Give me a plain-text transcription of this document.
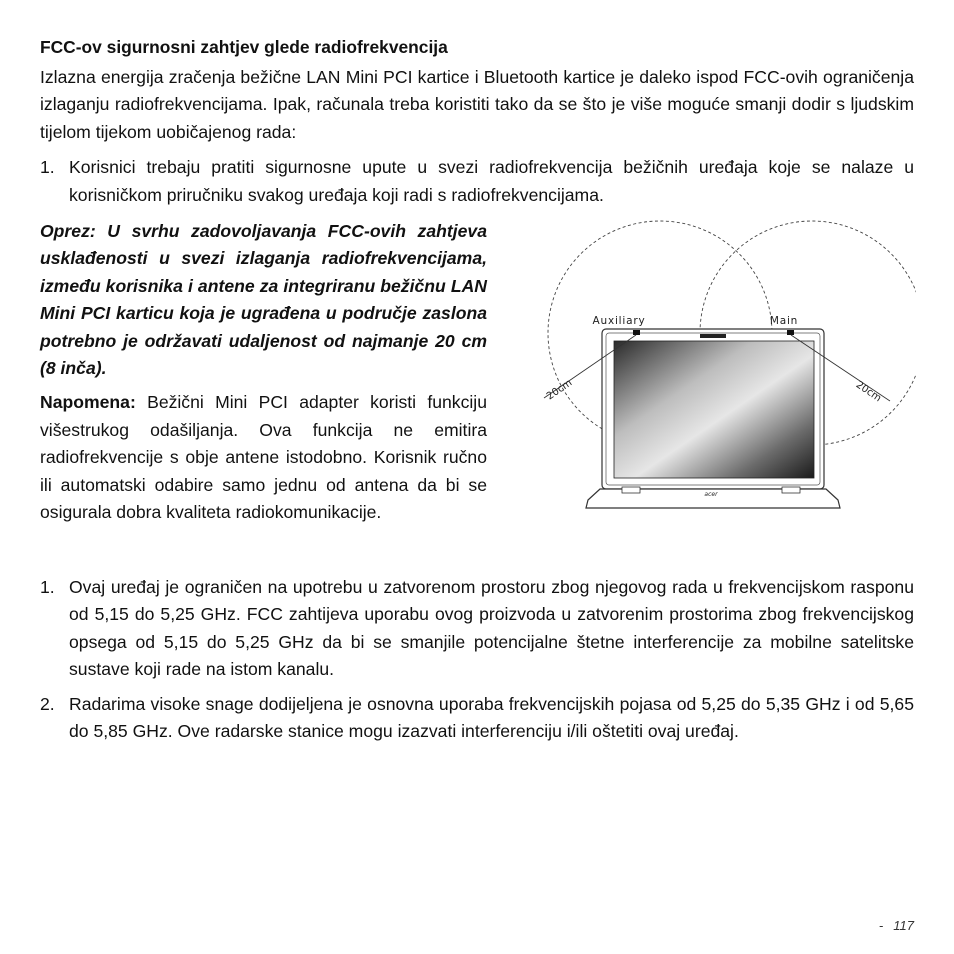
FCC-ov sigurnosni zahtjev glede radiofrekvencija

Izlazna energija zračenja bežične LAN Mini PCI kartice i Bluetooth kartice je daleko ispod FCC-ovih ograničenja izlaganju radiofrekvencijama. Ipak, računala treba koristiti tako da se što je više moguće smanji dodir s ljudskim tijelom tijekom uobičajenog rada:

1. Korisnici trebaju pratiti sigurnosne upute u svezi radiofrekvencija bežičnih uređaja koje se nalaze u korisničkom priručniku svakog uređaja koji radi s radiofrekvencijama.

Oprez: U svrhu zadovoljavanja FCC-ovih zahtjeva usklađenosti u svezi izlaganja radiofrekvencijama, između korisnika i antene za integriranu bežičnu LAN Mini PCI karticu koja je ugrađena u područje zaslona potrebno je održavati udaljenost od najmanje 20 cm (8 inča).

Napomena: Bežični Mini PCI adapter koristi funkciju višestrukog odašiljanja. Ova funkcija ne emitira radiofrekvencije s obje antene istodobno. Korisnik ručno ili automatski odabire samo jednu od antena da bi se osigurala dobra kvaliteta radiokomunikacije.

acer
Auxiliary	Main
20cm	20cm
1. Ovaj uređaj je ograničen na upotrebu u zatvorenom prostoru zbog njegovog rada u frekvencijskom rasponu od 5,15 do 5,25 GHz. FCC zahtijeva uporabu ovog proizvoda u zatvorenim prostorima zbog frekvencijskog opsega od 5,15 do 5,25 GHz da bi se smanjile potencijalne štetne interferencije za mobilne satelitske sustave koji rade na istom kanalu.
2. Radarima visoke snage dodijeljena je osnovna uporaba frekvencijskih pojasa od 5,25 do 5,35 GHz i od 5,65 do 5,85 GHz. Ove radarske stanice mogu izazvati interferenciju i/ili oštetiti ovaj uređaj.
- 117
